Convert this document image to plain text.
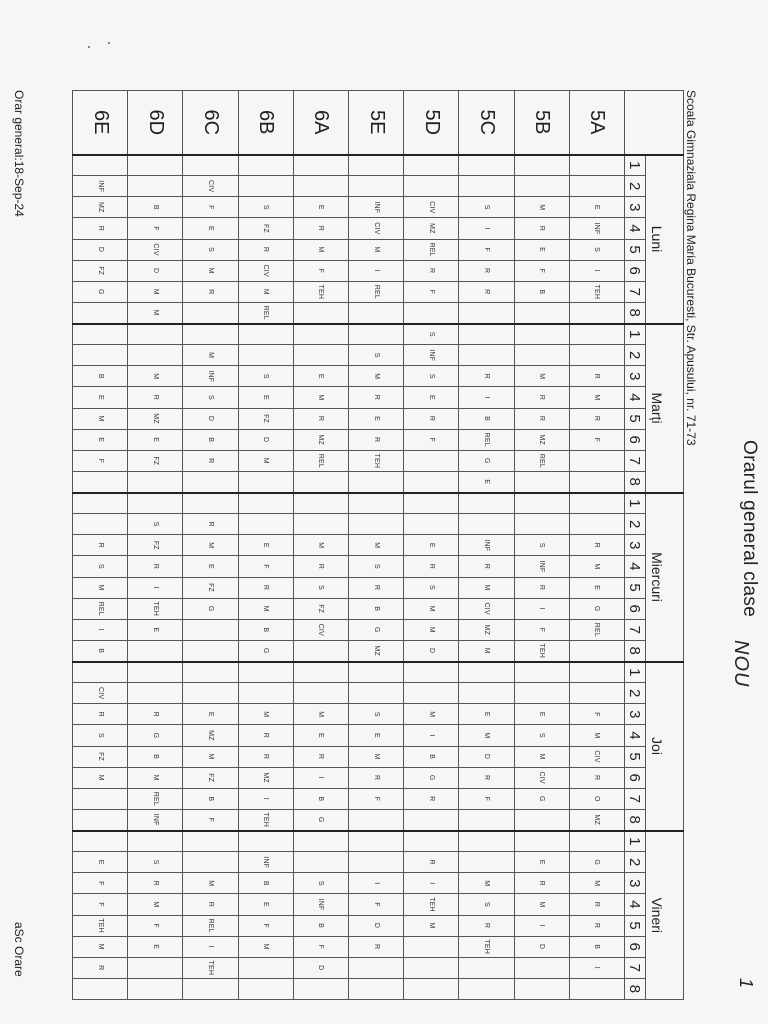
Orarul general clase
NOU
1
Scoala Gimnaziala Regina Maria Bucuresti, Str. Apusului, nr. 71-73
	Luni								Marți								Miercuri								Joi								Vineri							
	1	2	3	4	5	6	7	8	1	2	3	4	5	6	7	8	1	2	3	4	5	6	7	8	1	2	3	4	5	6	7	8	1	2	3	4	5	6	7	8
5A			E	INF	S	I	TEH				R	M	R	F					R	M	E	G	REL				F	M	CIV	R	O	MZ		G	M	R	R	B	I	
5B			M	R	E	F	B				M	R	R	MZ	REL				S	INF	R	I	F	TEH			E	S	M	CIV	G			E	R	M	I	D		
5C			S	I	F	R	R				R	I	B	REL	G	E			INF	R	M	CIV	MZ	M			E	M	D	R	F				M	S	R	TEH		
5D			CIV	MZ	REL	R	F		S	INF	S	E	R	F					E	R	S	M	M	D			M	I	B	G	R			R	I	TEH	M			
5E			INF	CIV	M	I	REL			S	M	R	E	R	TEH				M	S	R	B	G	MZ			S	E	M	R	F				I	F	D	R		
6A			E	R	M	F	TEH				E	M	R	MZ	REL				M	R	S	FZ	CIV				M	E	R	I	B	G			S	INF	B	F	D	
6B			S	FZ	R	CIV	M	REL			S	E	FZ	D	M				E	F	R	M	B	G			M	R	R	MZ	I	TEH		INF	B	E	F	M		
6C		CIV	F	E	S	M	R			M	INF	S	D	B	R			R	M	E	FZ	G					E	MZ	M	FZ	B	F			M	R	REL	I	TEH	
6D			B	F	CIV	D	M	M			M	R	MZ	E	FZ			S	FZ	R	I	TEH	E				R	G	B	M	REL	INF		S	R	M	F	E		
6E		INF	MZ	R	D	FZ	G				B	E	M	E	F				R	S	M	REL	I	B		CIV	R	S	FZ	M				E	F	F	TEH	M	R	
Orar general:18-Sep-24
aSc Orare
